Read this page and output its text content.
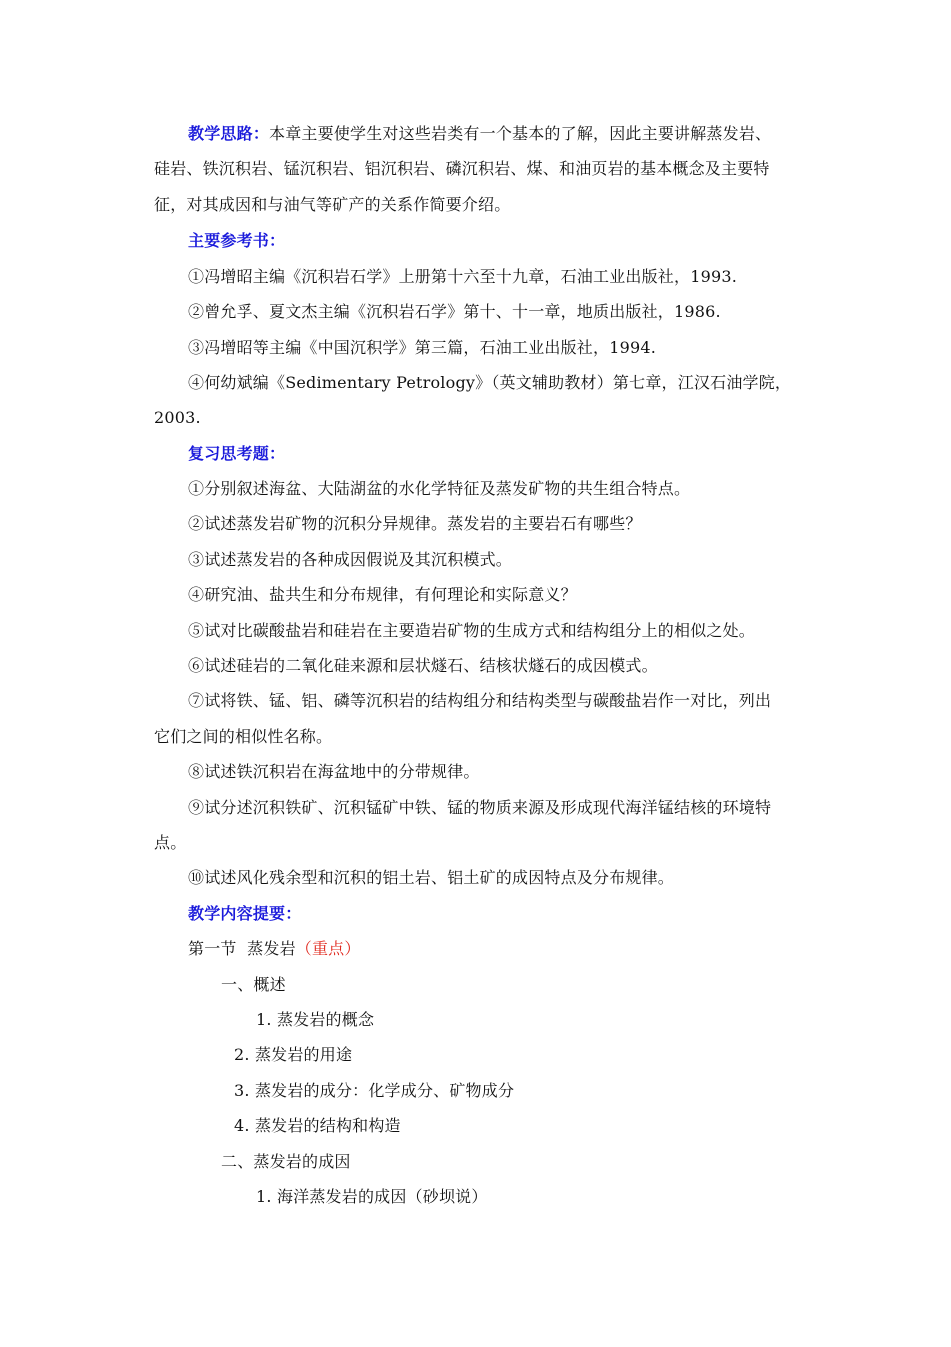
教学思路：本章主要使学生对这些岩类有一个基本的了解，因此主要讲解蒸发岩、
硅岩、铁沉积岩、锰沉积岩、铝沉积岩、磷沉积岩、煤、和油页岩的基本概念及主要特
征，对其成因和与油气等矿产的关系作简要介绍。
主要参考书：
①冯增昭主编《沉积岩石学》上册第十六至十九章，石油工业出版社，1993.
②曾允孚、夏文杰主编《沉积岩石学》第十、十一章，地质出版社，1986.
③冯增昭等主编《中国沉积学》第三篇，石油工业出版社，1994.
④何幼斌编《Sedimentary Petrology》（英文辅助教材）第七章，江汉石油学院，
2003.
复习思考题：
①分别叙述海盆、大陆湖盆的水化学特征及蒸发矿物的共生组合特点。
②试述蒸发岩矿物的沉积分异规律。蒸发岩的主要岩石有哪些？
③试述蒸发岩的各种成因假说及其沉积模式。
④研究油、盐共生和分布规律，有何理论和实际意义？
⑤试对比碳酸盐岩和硅岩在主要造岩矿物的生成方式和结构组分上的相似之处。
⑥试述硅岩的二氧化硅来源和层状燧石、结核状燧石的成因模式。
⑦试将铁、锰、铝、磷等沉积岩的结构组分和结构类型与碳酸盐岩作一对比，列出
它们之间的相似性名称。
⑧试述铁沉积岩在海盆地中的分带规律。
⑨试分述沉积铁矿、沉积锰矿中铁、锰的物质来源及形成现代海洋锰结核的环境特
点。
⑩试述风化残余型和沉积的铝土岩、铝土矿的成因特点及分布规律。
教学内容提要：
第一节  蒸发岩（重点）
一、概述
1. 蒸发岩的概念
2. 蒸发岩的用途
3. 蒸发岩的成分：化学成分、矿物成分
4. 蒸发岩的结构和构造
二、蒸发岩的成因
1. 海洋蒸发岩的成因（砂坝说）
